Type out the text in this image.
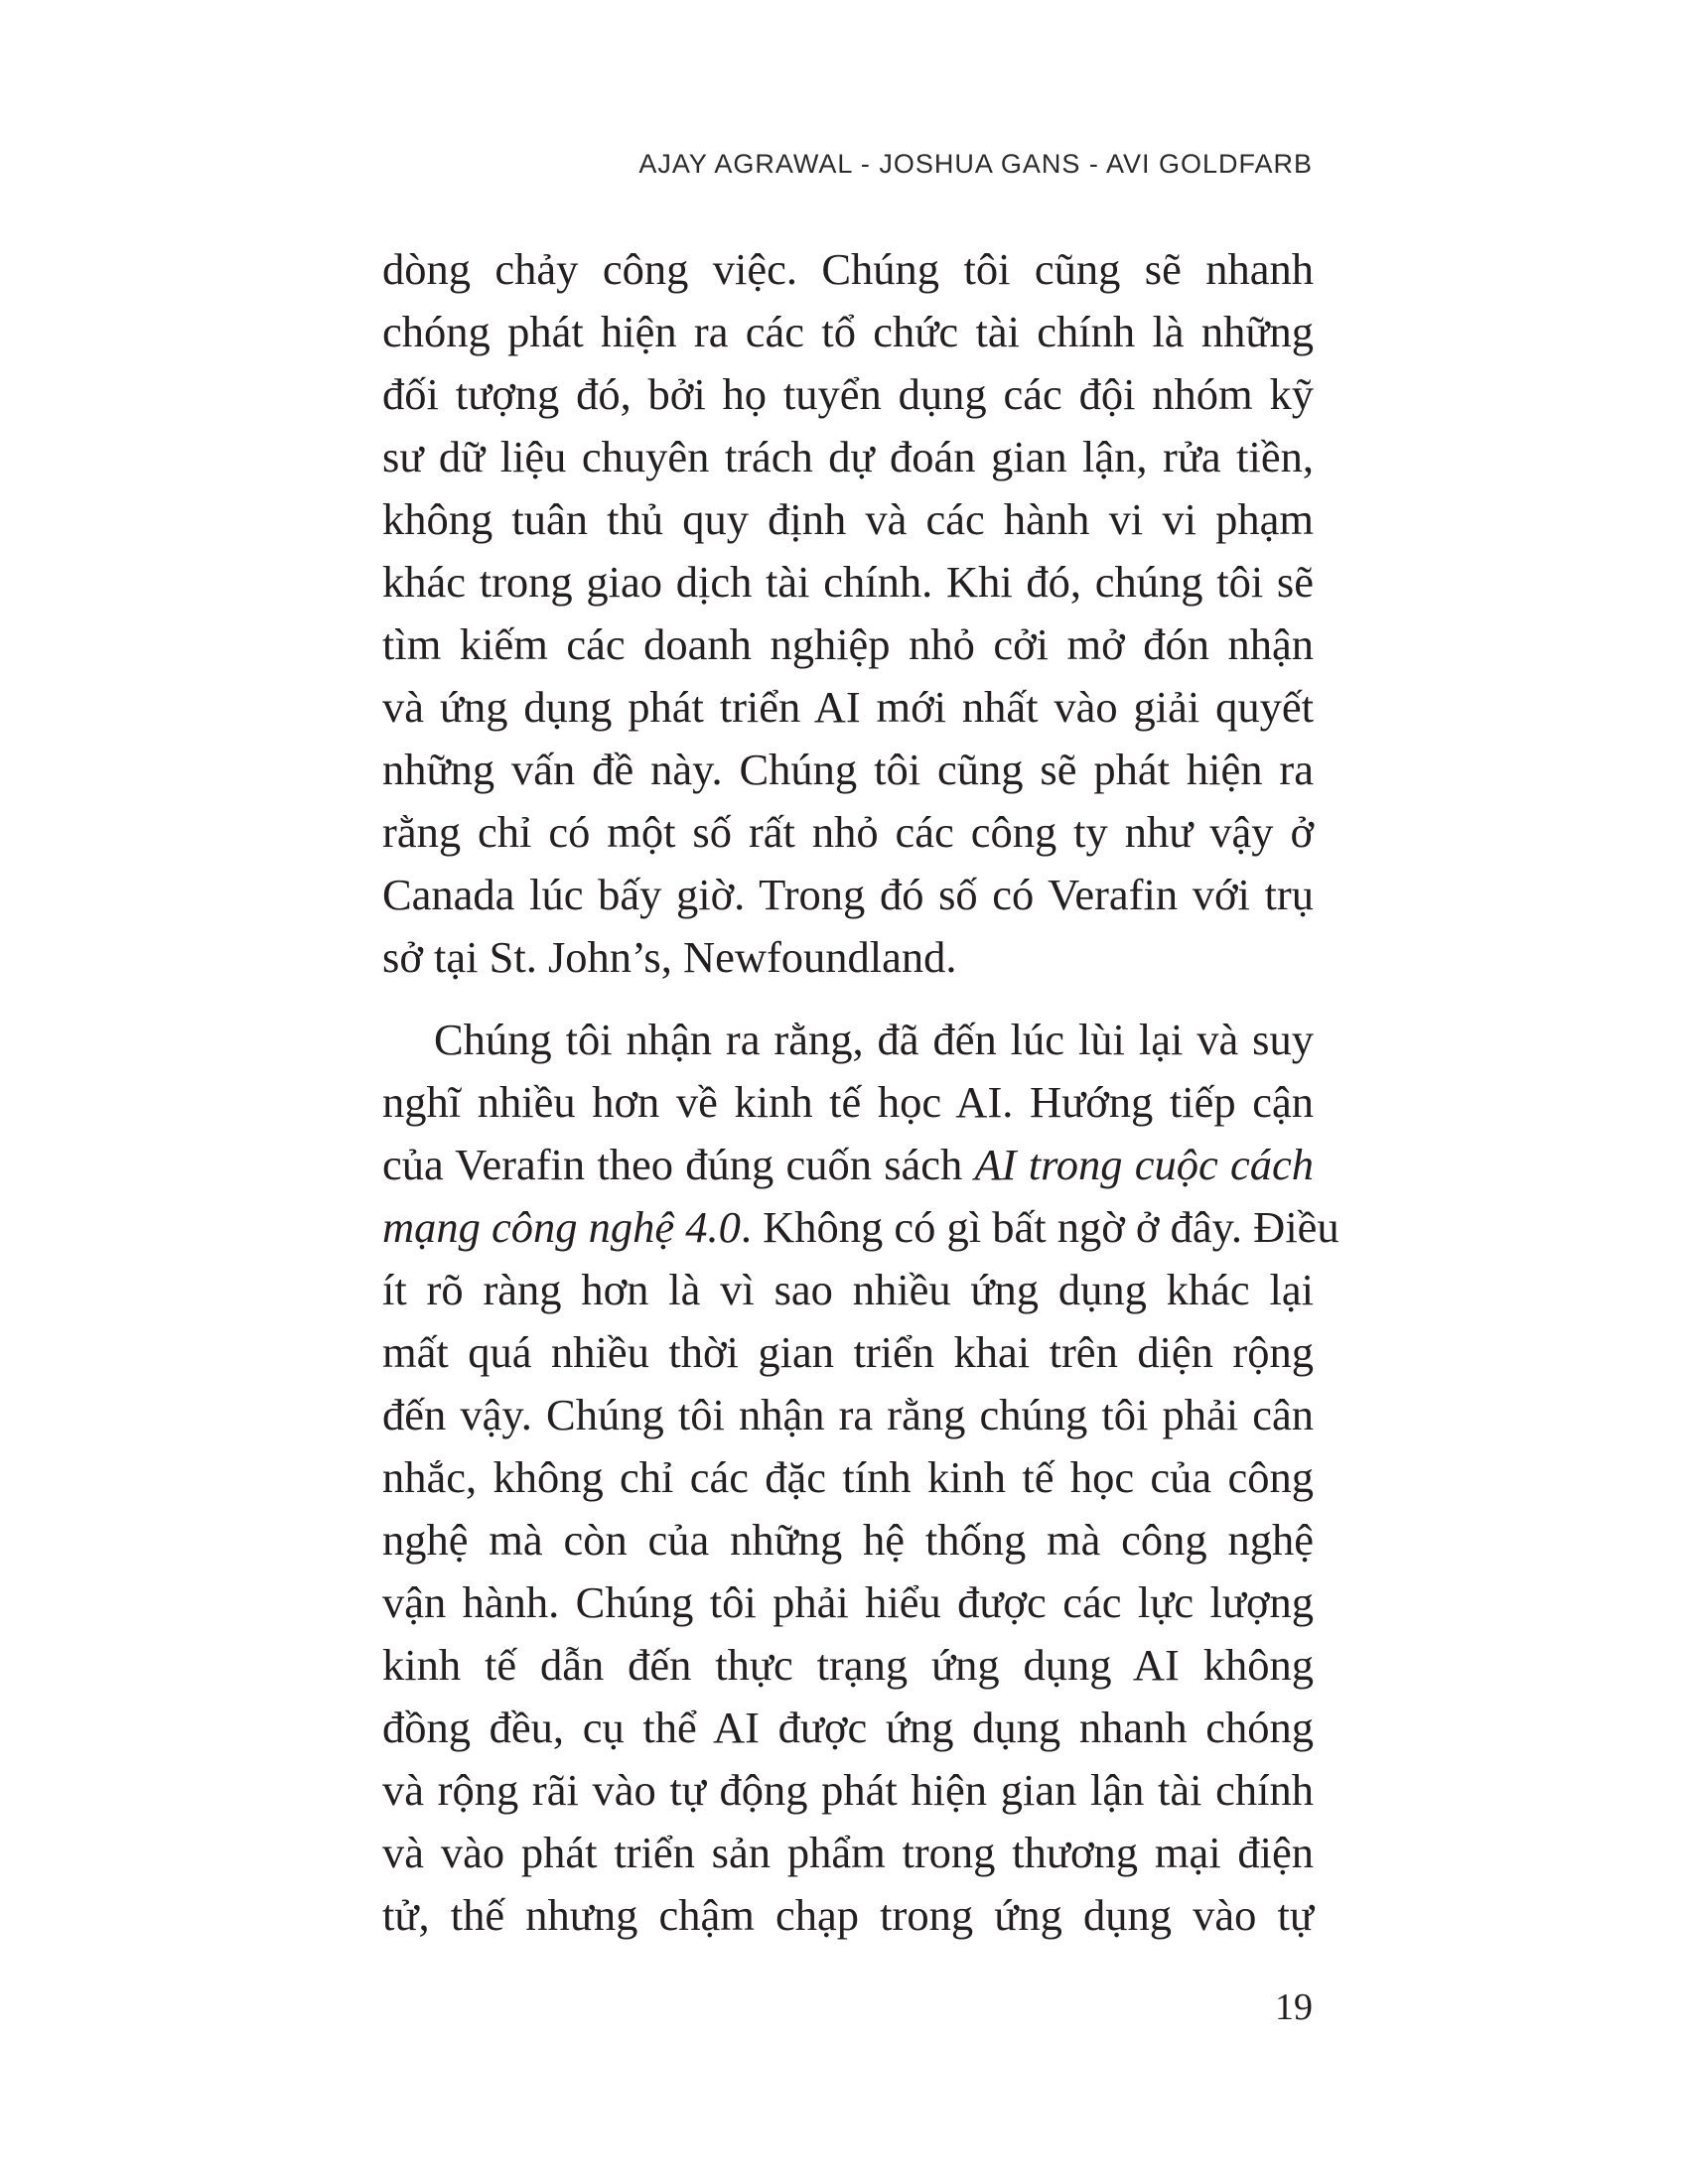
AJAY AGRAWAL - JOSHUA GANS - AVI GOLDFARB
dòng chảy công việc. Chúng tôi cũng sẽ nhanh
chóng phát hiện ra các tổ chức tài chính là những
đối tượng đó, bởi họ tuyển dụng các đội nhóm kỹ
sư dữ liệu chuyên trách dự đoán gian lận, rửa tiền,
không tuân thủ quy định và các hành vi vi phạm
khác trong giao dịch tài chính. Khi đó, chúng tôi sẽ
tìm kiếm các doanh nghiệp nhỏ cởi mở đón nhận
và ứng dụng phát triển AI mới nhất vào giải quyết
những vấn đề này. Chúng tôi cũng sẽ phát hiện ra
rằng chỉ có một số rất nhỏ các công ty như vậy ở
Canada lúc bấy giờ. Trong đó số có Verafin với trụ
sở tại St. John’s, Newfoundland.
Chúng tôi nhận ra rằng, đã đến lúc lùi lại và suy
nghĩ nhiều hơn về kinh tế học AI. Hướng tiếp cận
của Verafin theo đúng cuốn sách AI trong cuộc cách
mạng công nghệ 4.0. Không có gì bất ngờ ở đây. Điều
ít rõ ràng hơn là vì sao nhiều ứng dụng khác lại
mất quá nhiều thời gian triển khai trên diện rộng
đến vậy. Chúng tôi nhận ra rằng chúng tôi phải cân
nhắc, không chỉ các đặc tính kinh tế học của công
nghệ mà còn của những hệ thống mà công nghệ
vận hành. Chúng tôi phải hiểu được các lực lượng
kinh tế dẫn đến thực trạng ứng dụng AI không
đồng đều, cụ thể AI được ứng dụng nhanh chóng
và rộng rãi vào tự động phát hiện gian lận tài chính
và vào phát triển sản phẩm trong thương mại điện
tử, thế nhưng chậm chạp trong ứng dụng vào tự
19
